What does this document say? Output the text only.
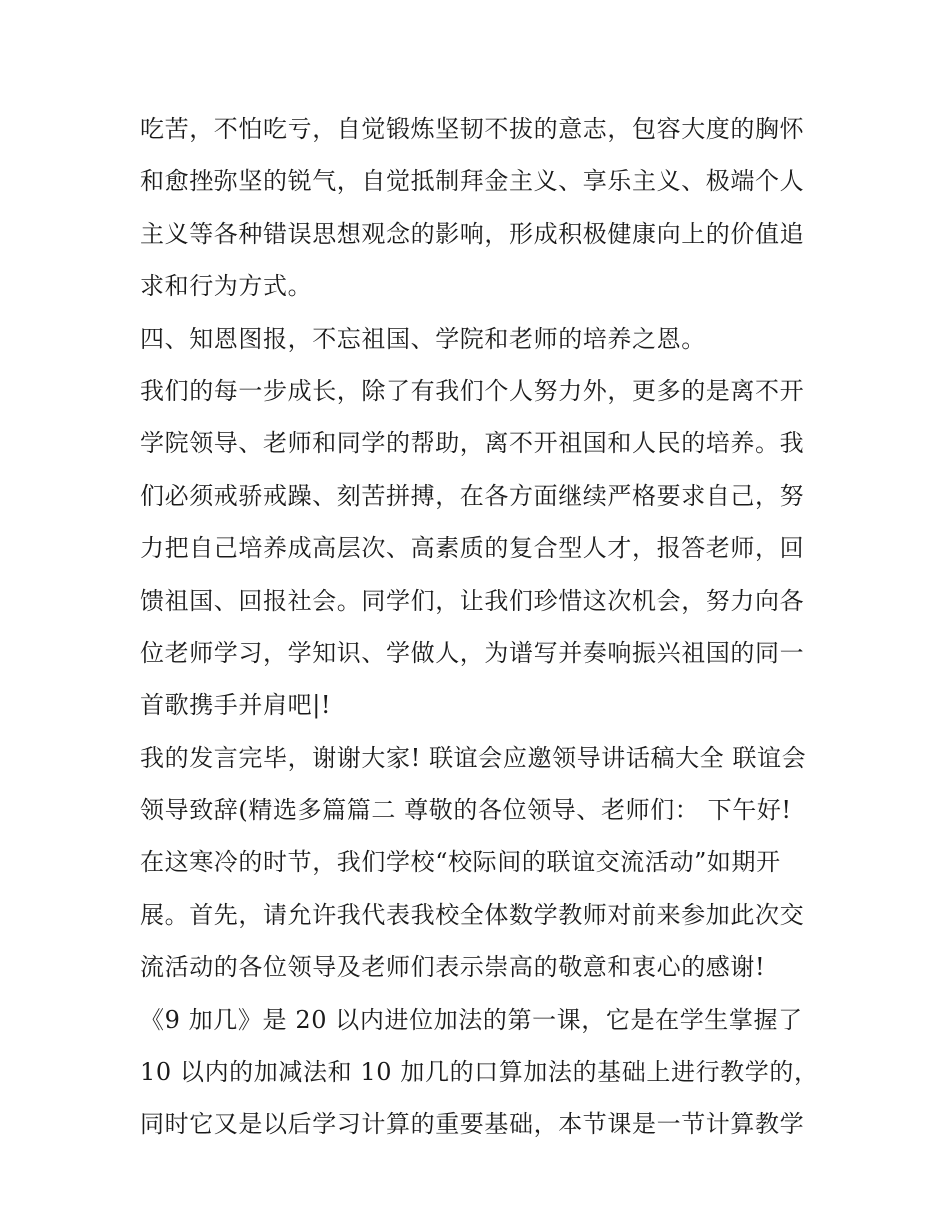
吃苦，不怕吃亏，自觉锻炼坚韧不拔的意志，包容大度的胸怀
和愈挫弥坚的锐气，自觉抵制拜金主义、享乐主义、极端个人
主义等各种错误思想观念的影响，形成积极健康向上的价值追
求和行为方式。
四、知恩图报，不忘祖国、学院和老师的培养之恩。
我们的每一步成长，除了有我们个人努力外，更多的是离不开
学院领导、老师和同学的帮助，离不开祖国和人民的培养。我
们必须戒骄戒躁、刻苦拼搏，在各方面继续严格要求自己，努
力把自己培养成高层次、高素质的复合型人才，报答老师，回
馈祖国、回报社会。同学们，让我们珍惜这次机会，努力向各
位老师学习，学知识、学做人，为谱写并奏响振兴祖国的同一
首歌携手并肩吧|!
我的发言完毕，谢谢大家! 联谊会应邀领导讲话稿大全 联谊会
领导致辞(精选多篇篇二 尊敬的各位领导、老师们： 下午好!
在这寒冷的时节，我们学校“校际间的联谊交流活动”如期开
展。首先，请允许我代表我校全体数学教师对前来参加此次交
流活动的各位领导及老师们表示崇高的敬意和衷心的感谢!
《9 加几》是 20 以内进位加法的第一课，它是在学生掌握了
10 以内的加减法和 10 加几的口算加法的基础上进行教学的，
同时它又是以后学习计算的重要基础，本节课是一节计算教学
